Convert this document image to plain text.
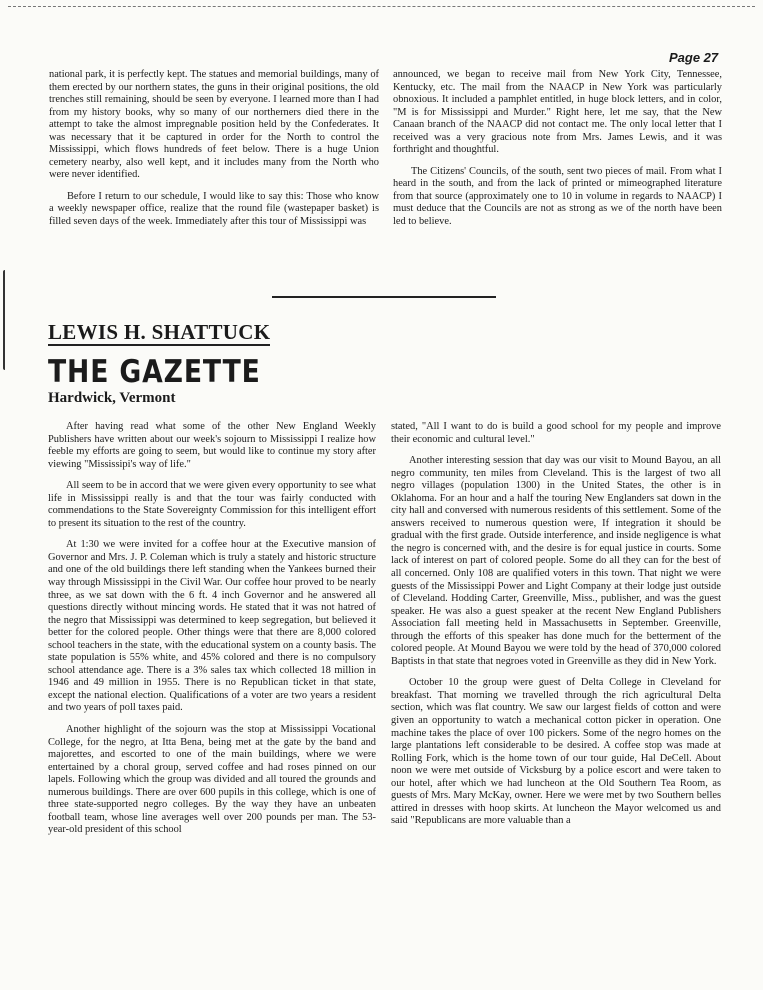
Page 27

national park, it is perfectly kept. The statues and memorial buildings, many of them erected by our northern states, the guns in their original positions, the old trenches still remaining, should be seen by everyone. I learned more than I had from my history books, why so many of our northerners died there in the attempt to take the almost impregnable position held by the Confederates. It was necessary that it be captured in order for the North to control the Mississippi, which flows hundreds of feet below. There is a huge Union cemetery nearby, also well kept, and it includes many from the North who were never identified.

Before I return to our schedule, I would like to say this: Those who know a weekly newspaper office, realize that the round file (wastepaper basket) is filled seven days of the week. Immediately after this tour of Mississippi was

announced, we began to receive mail from New York City, Tennessee, Kentucky, etc. The mail from the NAACP in New York was particularly obnoxious. It included a pamphlet entitled, in huge block letters, and in color, "M is for Mississippi and Murder." Right here, let me say, that the New Canaan branch of the NAACP did not contact me. The only local letter that I received was a very gracious note from Mrs. James Lewis, and it was forthright and thoughtful.

The Citizens' Councils, of the south, sent two pieces of mail. From what I heard in the south, and from the lack of printed or mimeographed literature from that source (approximately one to 10 in volume in regards to NAACP) I must deduce that the Councils are not as strong as we of the north have been led to believe.

LEWIS H. SHATTUCK
THE GAZETTE
Hardwick, Vermont

After having read what some of the other New England Weekly Publishers have written about our week's sojourn to Mississippi I realize how feeble my efforts are going to seem, but would like to continue my story after viewing "Mississipi's way of life."

All seem to be in accord that we were given every opportunity to see what life in Mississippi really is and that the tour was fairly conducted with commendations to the State Sovereignty Commission for this intelligent effort to present its situation to the rest of the country.

At 1:30 we were invited for a coffee hour at the Executive mansion of Governor and Mrs. J. P. Coleman which is truly a stately and historic structure and one of the old buildings there left standing when the Yankees burned their way through Mississippi in the Civil War. Our coffee hour proved to be nearly three, as we sat down with the 6 ft. 4 inch Governor and he answered all questions directly without mincing words. He stated that it was not hatred of the negro that Mississippi was determined to keep segregation, but believed it better for the colored people. Other things were that there are 8,000 colored school teachers in the state, with the educational system on a county basis. The state population is 55% white, and 45% colored and there is no compulsory school attendance age. There is a 3% sales tax which collected 18 million in 1946 and 49 million in 1955. There is no Republican ticket in that state, except the national election. Qualifications of a voter are two years a resident and two years of poll taxes paid.

Another highlight of the sojourn was the stop at Mississippi Vocational College, for the negro, at Itta Bena, being met at the gate by the band and majorettes, and escorted to one of the main buildings, where we were entertained by a choral group, served coffee and had roses pinned on our lapels. Following which the group was divided and all toured the grounds and numerous buildings. There are over 600 pupils in this college, which is one of three state-supported negro colleges. By the way they have an unbeaten football team, whose line averages well over 200 pounds per man. The 53-year-old president of this school

stated, "All I want to do is build a good school for my people and improve their economic and cultural level."

Another interesting session that day was our visit to Mound Bayou, an all negro community, ten miles from Cleveland. This is the largest of two all negro villages (population 1300) in the United States, the other is in Oklahoma. For an hour and a half the touring New Englanders sat down in the city hall and conversed with numerous residents of this settlement. Some of the answers received to numerous question were, If integration it should be gradual with the first grade. Outside interference, and inside negligence is what the negro is concerned with, and the desire is for equal justice in courts. Some lack of interest on part of colored people. Some do all they can for the best of all concerned. Only 108 are qualified voters in this town. That night we were guests of the Mississippi Power and Light Company at their lodge just outside of Cleveland. Hodding Carter, Greenville, Miss., publisher, and was the guest speaker. He was also a guest speaker at the recent New England Publishers Association fall meeting held in Massachusetts in September. Greenville, through the efforts of this speaker has done much for the betterment of the colored people. At Mound Bayou we were told by the head of 370,000 colored Baptists in that state that negroes voted in Greenville as they did in New York.

October 10 the group were guest of Delta College in Cleveland for breakfast. That morning we travelled through the rich agricultural Delta section, which was flat country. We saw our largest fields of cotton and were given an opportunity to watch a mechanical cotton picker in operation. One machine takes the place of over 100 pickers. Some of the negro homes on the large plantations left considerable to be desired. A coffee stop was made at Rolling Fork, which is the home town of our tour guide, Hal DeCell. About noon we were met outside of Vicksburg by a police escort and were taken to our hotel, after which we had luncheon at the Old Southern Tea Room, as guests of Mrs. Mary McKay, owner. Here we were met by two Southern belles attired in dresses with hoop skirts. At luncheon the Mayor welcomed us and said "Republicans are more valuable than a
